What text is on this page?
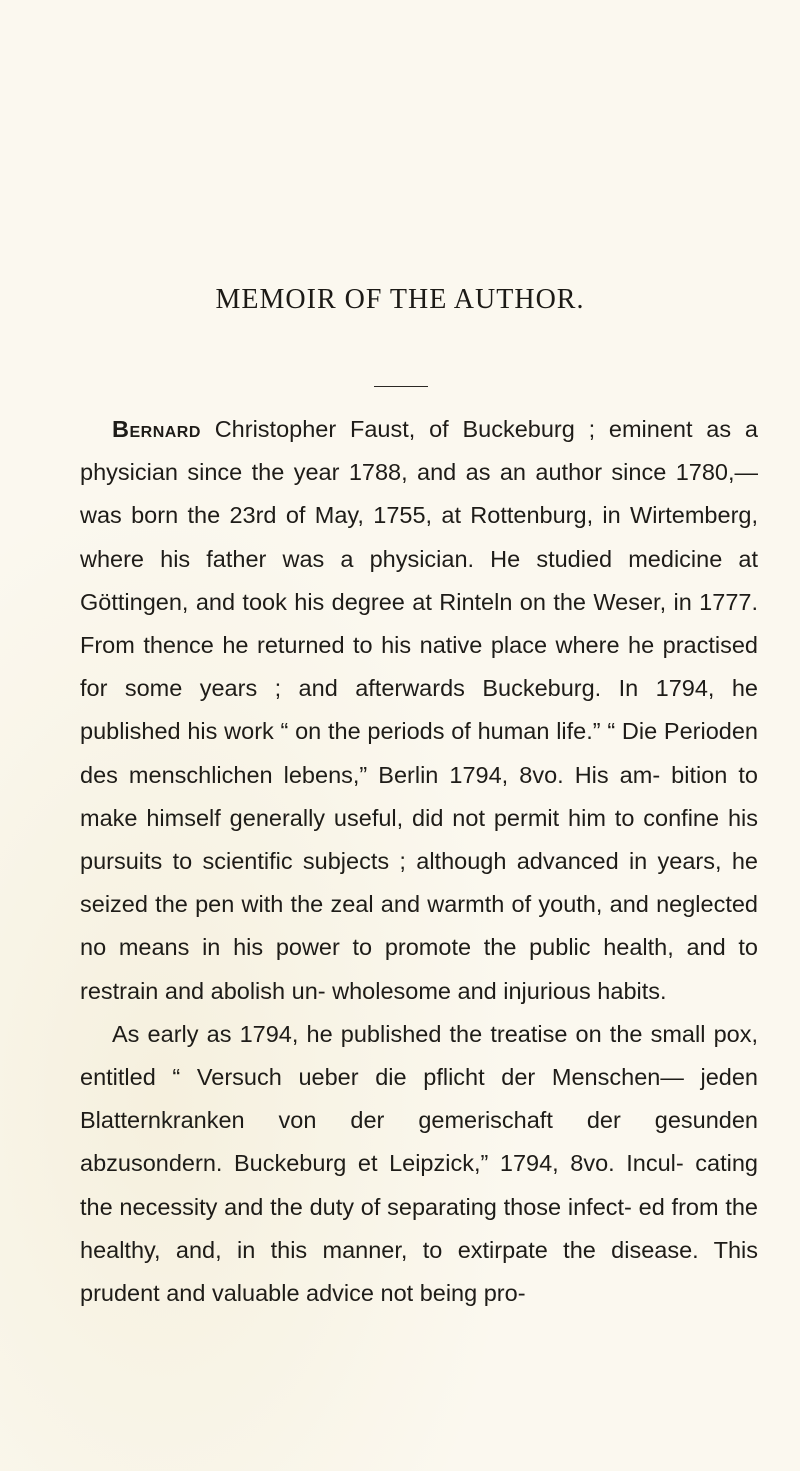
MEMOIR OF THE AUTHOR.

Bernard Christopher Faust, of Buckeburg ; eminent as a physician since the year 1788, and as an author since 1780,—was born the 23rd of May, 1755, at Rottenburg, in Wirtemberg, where his father was a physician. He studied medicine at Göttingen, and took his degree at Rinteln on the Weser, in 1777. From thence he returned to his native place where he practised for some years ; and afterwards Buckeburg. In 1794, he published his work “ on the periods of human life.” “ Die Perioden des menschlichen lebens,” Berlin 1794, 8vo. His am- bition to make himself generally useful, did not permit him to confine his pursuits to scientific subjects ; although advanced in years, he seized the pen with the zeal and warmth of youth, and neglected no means in his power to promote the public health, and to restrain and abolish un- wholesome and injurious habits.

As early as 1794, he published the treatise on the small pox, entitled “ Versuch ueber die pflicht der Menschen— jeden Blatternkranken von der gemerischaft der gesunden abzusondern. Buckeburg et Leipzick,” 1794, 8vo. Incul- cating the necessity and the duty of separating those infect- ed from the healthy, and, in this manner, to extirpate the disease. This prudent and valuable advice not being pro-
